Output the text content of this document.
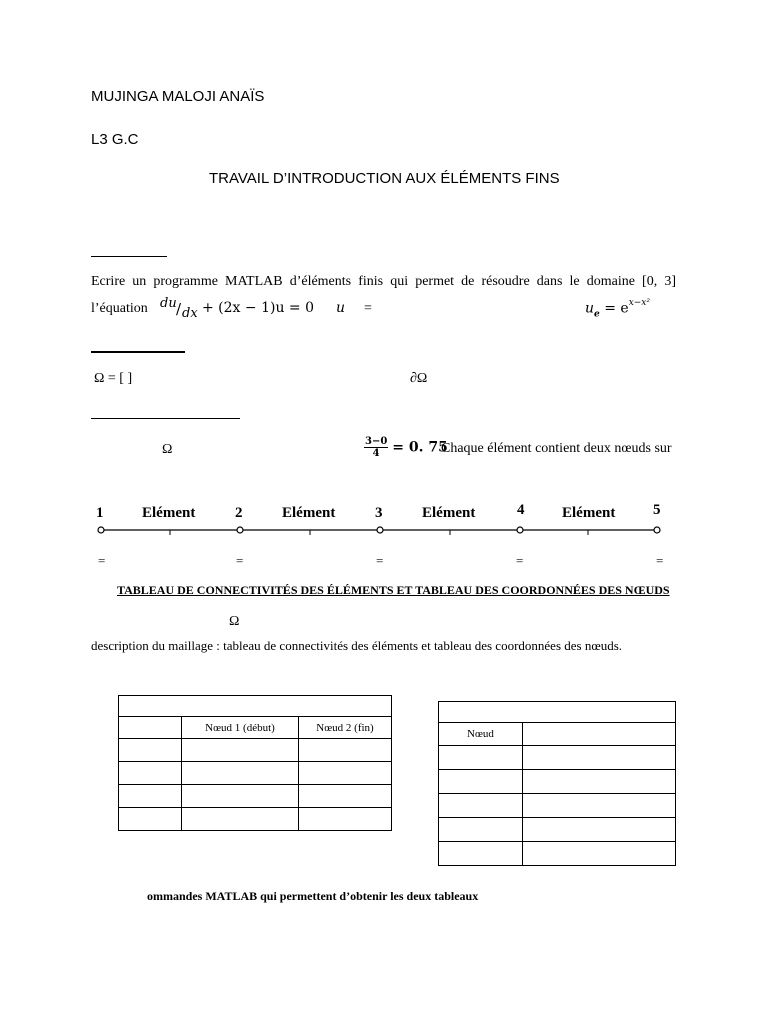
MUJINGA MALOJI ANAÏS
L3 G.C
TRAVAIL D’INTRODUCTION AUX ÉLÉMENTS FINS
Ecrire un programme MATLAB d’éléments finis qui permet de résoudre dans le domaine [0, 3]
l’équation du / dx + (2x − 1)u = 0 u =	$u_e = e^{x-x^2}$
Ω = [ ]	∂Ω
Ω	$\frac{3-0}{4} = 0$. 75
Chaque élément contient deux nœuds sur
1	2	3	4	5
Elément	Elément	Elément	Elément
=	=	=	=	=
TABLEAU DE CONNECTIVITÉS DES ÉLÉMENTS ET TABLEAU DES COORDONNÉES DES NŒUDS
Ω
description du maillage : tableau de connectivités des éléments et tableau des coordonnées des nœuds.

	Nœud 1 (début)	Nœud 2 (fin)

Nœud	

ommandes MATLAB qui permettent d’obtenir les deux tableaux
